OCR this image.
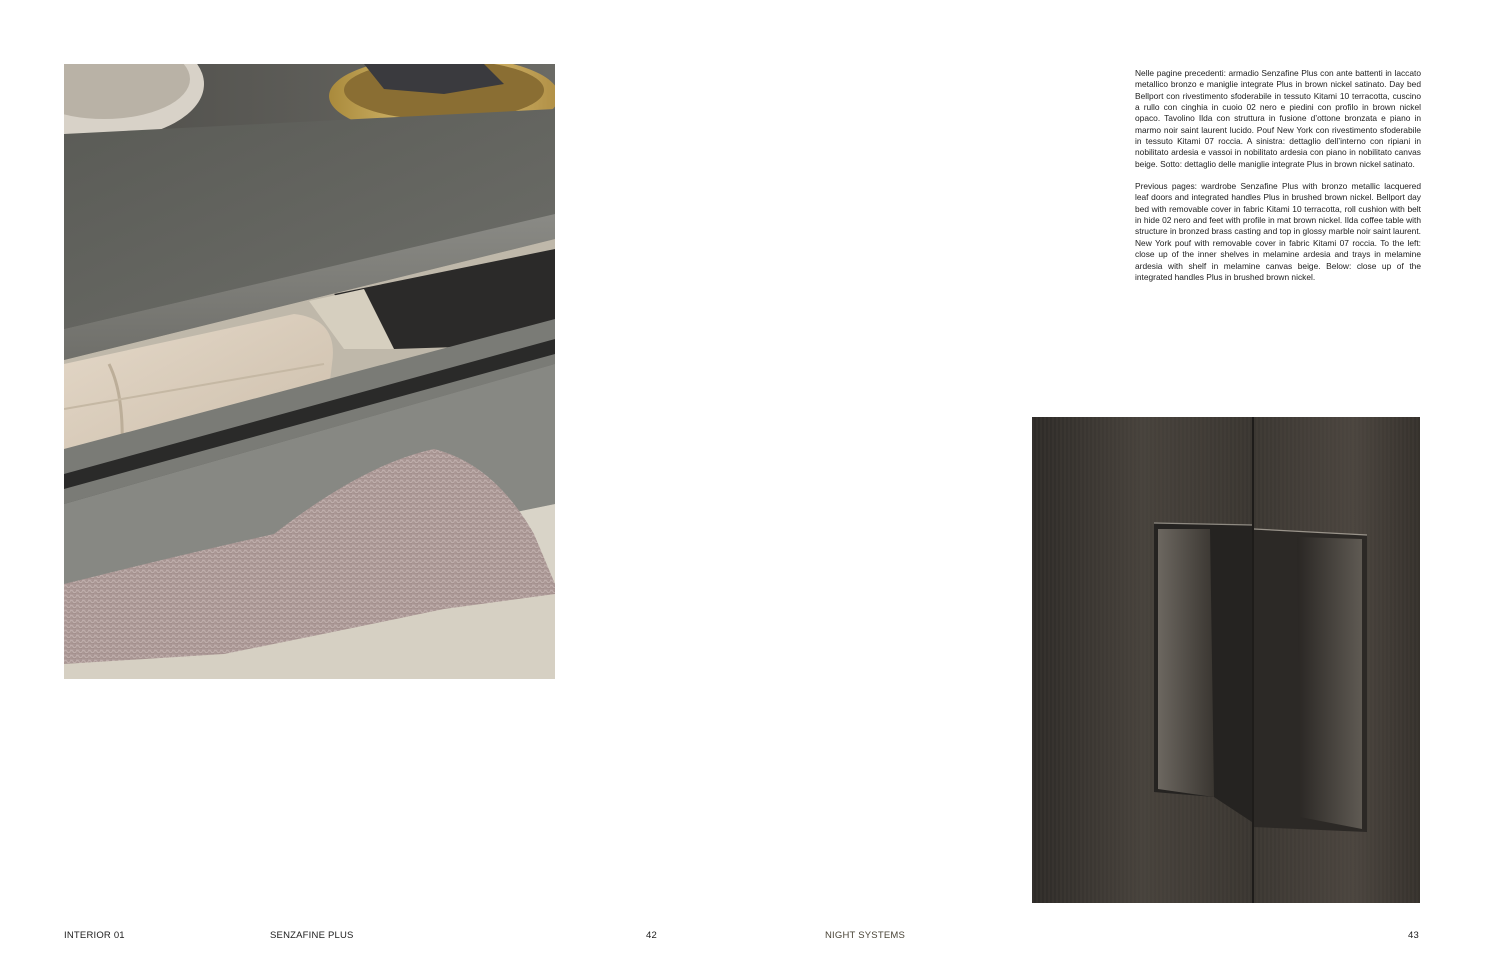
Nelle pagine precedenti: armadio Senzafine Plus con ante battenti in laccato metallico bronzo e maniglie integrate Plus in brown nickel satinato. Day bed Bellport con rivestimento sfoderabile in tessuto Kitami 10 terracotta, cuscino a rullo con cinghia in cuoio 02 nero e piedini con profilo in brown nickel opaco. Tavolino Ilda con struttura in fusione d’ottone bronzata e piano in marmo noir saint laurent lucido. Pouf New York con rivestimento sfoderabile in tessuto Kitami 07 roccia. A sinistra: dettaglio dell’interno con ripiani in nobilitato ardesia e vassoi in nobilitato ardesia con piano in nobilitato canvas beige. Sotto: dettaglio delle maniglie integrate Plus in brown nickel satinato.

Previous pages: wardrobe Senzafine Plus with bronzo metallic lacquered leaf doors and integrated handles Plus in brushed brown nickel. Bellport day bed with removable cover in fabric Kitami 10 terracotta, roll cushion with belt in hide 02 nero and feet with profile in mat brown nickel. Ilda coffee table with structure in bronzed brass casting and top in glossy marble noir saint laurent. New York pouf with removable cover in fabric Kitami 07 roccia. To the left: close up of the inner shelves in melamine ardesia and trays in melamine ardesia with shelf in melamine canvas beige. Below: close up of the integrated handles Plus in brushed brown nickel.

INTERIOR 01	SENZAFINE PLUS	42	NIGHT SYSTEMS	43
